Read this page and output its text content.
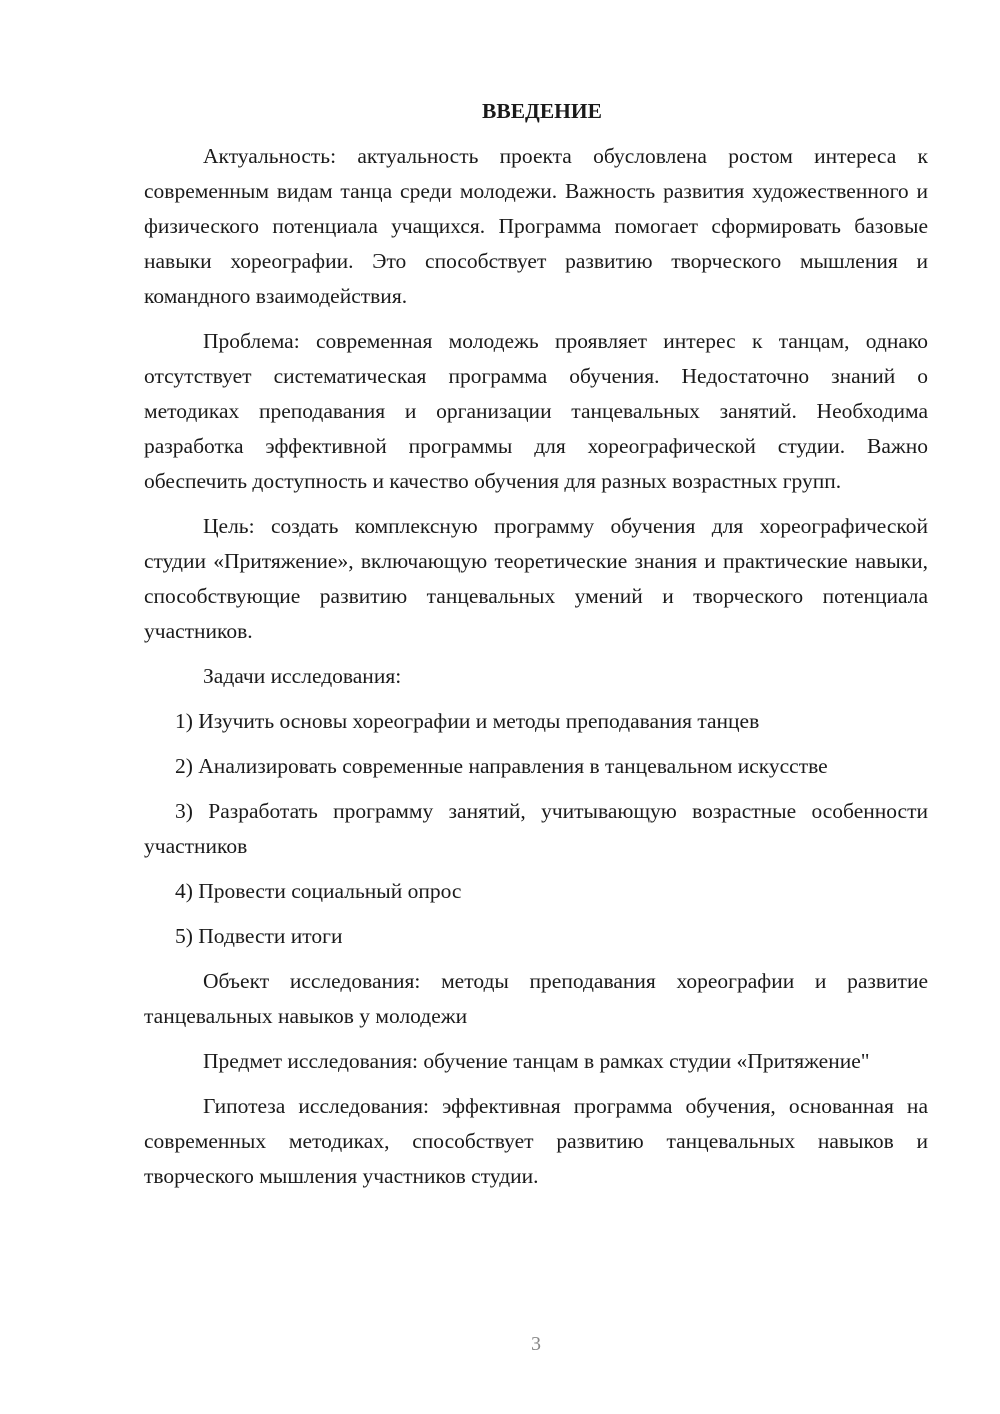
ВВЕДЕНИЕ

Актуальность: актуальность проекта обусловлена ростом интереса к современным видам танца среди молодежи. Важность развития художественного и физического потенциала учащихся. Программа помогает сформировать базовые навыки хореографии. Это способствует развитию творческого мышления и командного взаимодействия.

Проблема: современная молодежь проявляет интерес к танцам, однако отсутствует систематическая программа обучения. Недостаточно знаний о методиках преподавания и организации танцевальных занятий. Необходима разработка эффективной программы для хореографической студии. Важно обеспечить доступность и качество обучения для разных возрастных групп.

Цель: создать комплексную программу обучения для хореографической студии «Притяжение», включающую теоретические знания и практические навыки, способствующие развитию танцевальных умений и творческого потенциала участников.

Задачи исследования:

1) Изучить основы хореографии и методы преподавания танцев

2) Анализировать современные направления в танцевальном искусстве

3) Разработать программу занятий, учитывающую возрастные особенности участников

4) Провести социальный опрос

5) Подвести итоги

Объект исследования: методы преподавания хореографии и развитие танцевальных навыков у молодежи

Предмет исследования: обучение танцам в рамках студии «Притяжение"

Гипотеза исследования: эффективная программа обучения, основанная на современных методиках, способствует развитию танцевальных навыков и творческого мышления участников студии.

3
